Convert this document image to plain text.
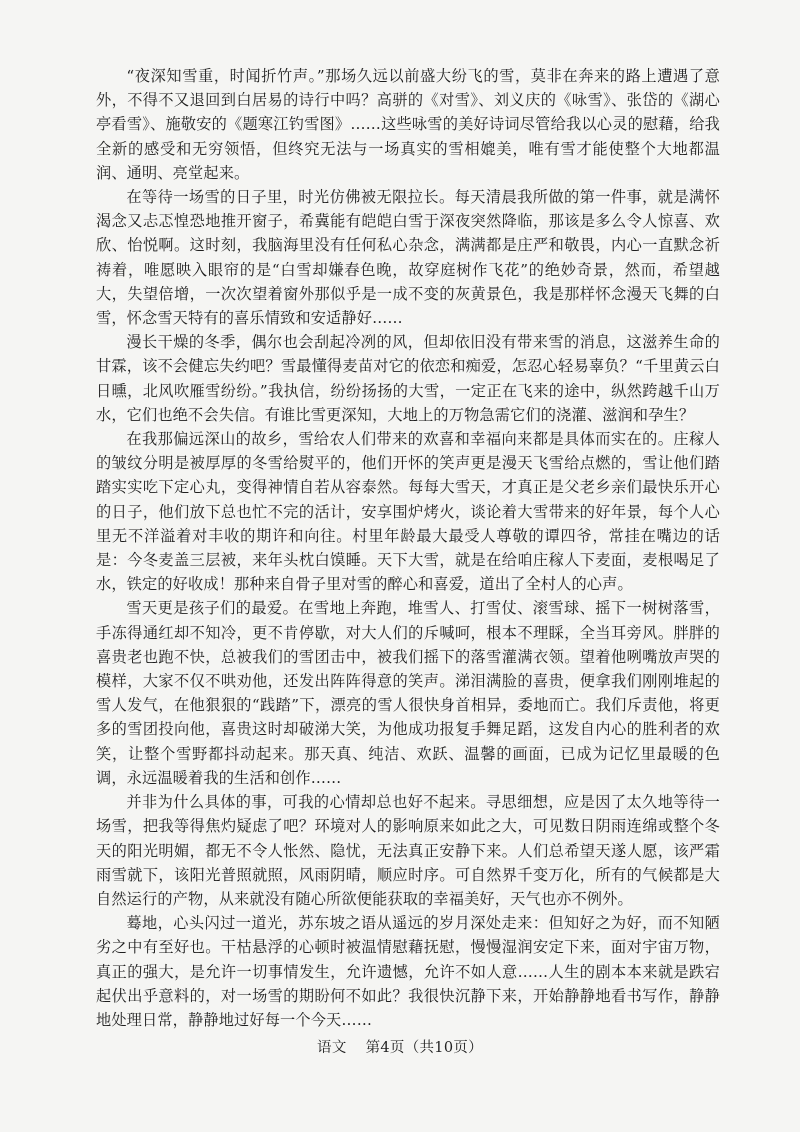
“夜深知雪重，时闻折竹声。”那场久远以前盛大纷飞的雪，莫非在奔来的路上遭遇了意外，不得不又退回到白居易的诗行中吗？高骈的《对雪》、刘义庆的《咏雪》、张岱的《湖心亭看雪》、施敬安的《题寒江钓雪图》……这些咏雪的美好诗词尽管给我以心灵的慰藉，给我全新的感受和无穷领悟，但终究无法与一场真实的雪相媲美，唯有雪才能使整个大地都温润、通明、亮堂起来。

在等待一场雪的日子里，时光仿佛被无限拉长。每天清晨我所做的第一件事，就是满怀渴念又忐忑惶恐地推开窗子，希冀能有皑皑白雪于深夜突然降临，那该是多么令人惊喜、欢欣、怡悦啊。这时刻，我脑海里没有任何私心杂念，满满都是庄严和敬畏，内心一直默念祈祷着，唯愿映入眼帘的是“白雪却嫌春色晚，故穿庭树作飞花”的绝妙奇景，然而，希望越大，失望倍增，一次次望着窗外那似乎是一成不变的灰黄景色，我是那样怀念漫天飞舞的白雪，怀念雪天特有的喜乐情致和安适静好……

漫长干燥的冬季，偶尔也会刮起冷冽的风，但却依旧没有带来雪的消息，这滋养生命的甘霖，该不会健忘失约吧？雪最懂得麦苗对它的依恋和痴爱，怎忍心轻易辜负？“千里黄云白日曛，北风吹雁雪纷纷。”我执信，纷纷扬扬的大雪，一定正在飞来的途中，纵然跨越千山万水，它们也绝不会失信。有谁比雪更深知，大地上的万物急需它们的浇灌、滋润和孕生？

在我那偏远深山的故乡，雪给农人们带来的欢喜和幸福向来都是具体而实在的。庄稼人的皱纹分明是被厚厚的冬雪给熨平的，他们开怀的笑声更是漫天飞雪给点燃的，雪让他们踏踏实实吃下定心丸，变得神情自若从容泰然。每每大雪天，才真正是父老乡亲们最快乐开心的日子，他们放下总也忙不完的活计，安享围炉烤火，谈论着大雪带来的好年景，每个人心里无不洋溢着对丰收的期许和向往。村里年龄最大最受人尊敬的谭四爷，常挂在嘴边的话是：今冬麦盖三层被，来年头枕白馍睡。天下大雪，就是在给咱庄稼人下麦面，麦根喝足了水，铁定的好收成！那种来自骨子里对雪的醉心和喜爱，道出了全村人的心声。

雪天更是孩子们的最爱。在雪地上奔跑，堆雪人、打雪仗、滚雪球、摇下一树树落雪，手冻得通红却不知冷，更不肯停歇，对大人们的斥喊呵，根本不理睬，全当耳旁风。胖胖的喜贵老也跑不快，总被我们的雪团击中，被我们摇下的落雪灌满衣领。望着他咧嘴放声哭的模样，大家不仅不哄劝他，还发出阵阵得意的笑声。涕泪满脸的喜贵，便拿我们刚刚堆起的雪人发气，在他狠狠的“践踏”下，漂亮的雪人很快身首相异，委地而亡。我们斥责他，将更多的雪团投向他，喜贵这时却破涕大笑，为他成功报复手舞足蹈，这发自内心的胜利者的欢笑，让整个雪野都抖动起来。那天真、纯洁、欢跃、温馨的画面，已成为记忆里最暖的色调，永远温暖着我的生活和创作……

并非为什么具体的事，可我的心情却总也好不起来。寻思细想，应是因了太久地等待一场雪，把我等得焦灼疑虑了吧？环境对人的影响原来如此之大，可见数日阴雨连绵或整个冬天的阳光明媚，都无不令人怅然、隐忧，无法真正安静下来。人们总希望天遂人愿，该严霜雨雪就下，该阳光普照就照，风雨阴晴，顺应时序。可自然界千变万化，所有的气候都是大自然运行的产物，从来就没有随心所欲便能获取的幸福美好，天气也亦不例外。

蓦地，心头闪过一道光，苏东坡之语从遥远的岁月深处走来：但知好之为好，而不知陋劣之中有至好也。干枯悬浮的心顿时被温情慰藉抚慰，慢慢湿润安定下来，面对宇宙万物，真正的强大，是允许一切事情发生，允许遗憾，允许不如人意……人生的剧本本来就是跌宕起伏出乎意料的，对一场雪的期盼何不如此？我很快沉静下来，开始静静地看书写作，静静地处理日常，静静地过好每一个今天……

语文 第4页（共10页）
